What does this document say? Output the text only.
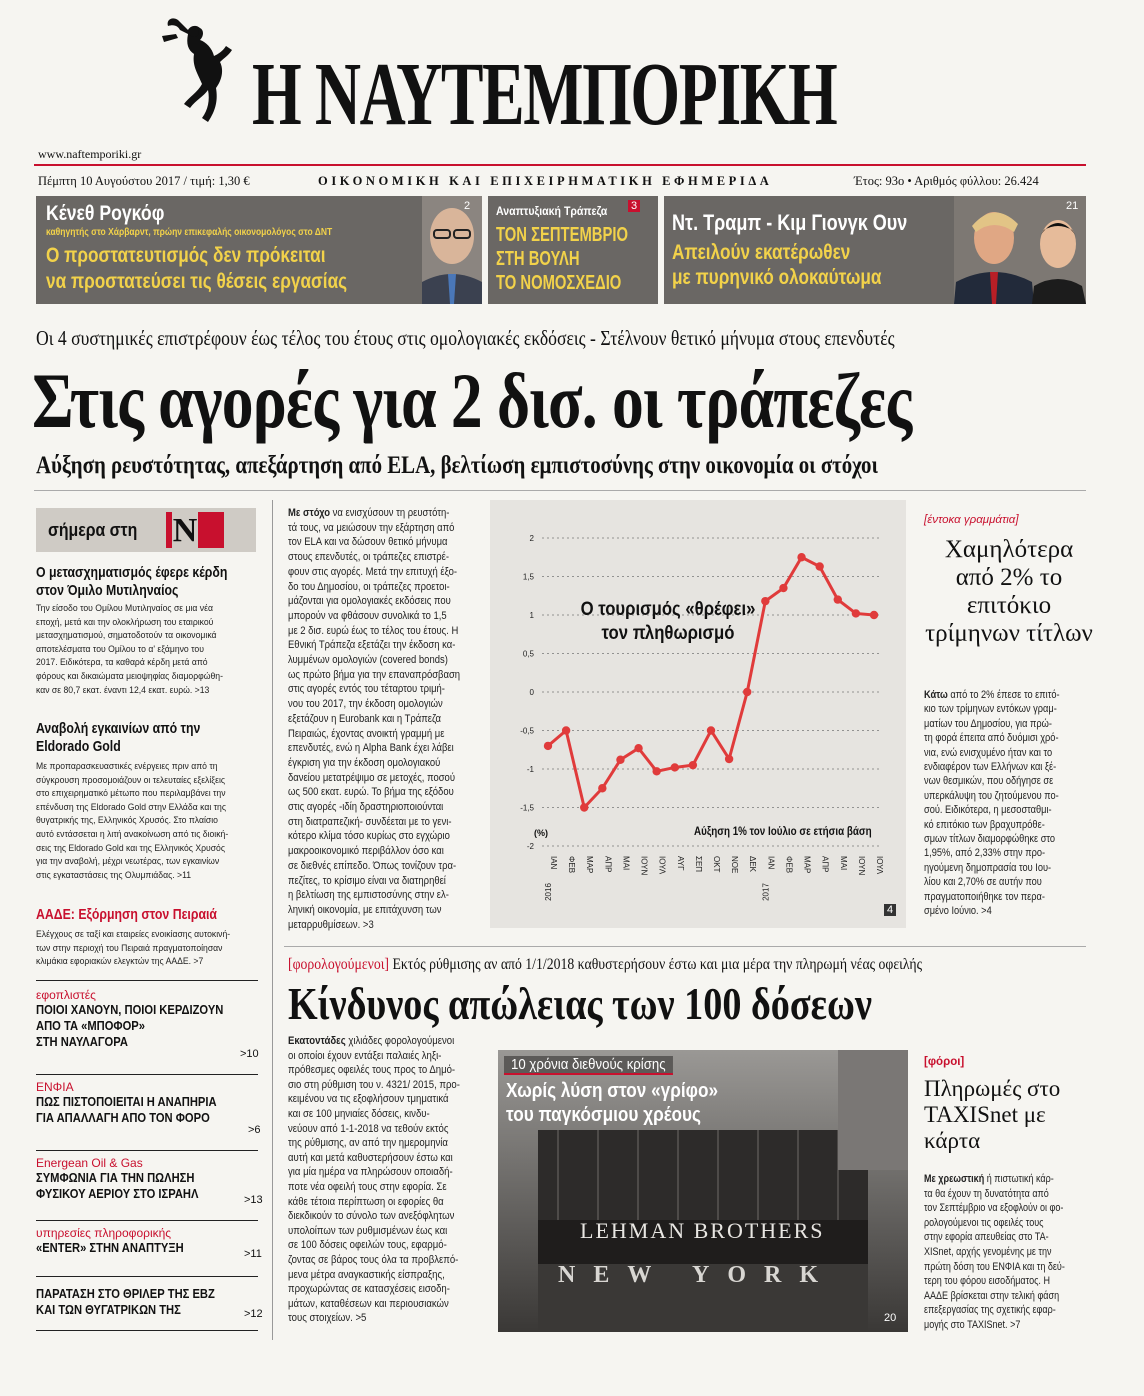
Η ΝΑΥΤΕΜΠΟΡΙΚΗ
www.naftemporiki.gr
Πέμπτη 10 Αυγούστου 2017 / τιμή: 1,30 €	ΟΙΚΟΝΟΜΙΚΗ ΚΑΙ ΕΠΙΧΕΙΡΗΜΑΤΙΚΗ ΕΦΗΜΕΡΙΔΑ	Έτος: 93ο • Αριθμός φύλλου: 26.424
Κένεθ Ρογκόφ
καθηγητής στο Χάρβαρντ, πρώην επικεφαλής οικονομολόγος στο ΔΝΤ
Ο προστατευτισμός δεν πρόκειται
να προστατεύσει τις θέσεις εργασίας
2 Αναπτυξιακή Τράπεζα 3
ΤΟΝ ΣΕΠΤΕΜΒΡΙΟ
ΣΤΗ ΒΟΥΛΗ
ΤΟ ΝΟΜΟΣΧΕΔΙΟ
Ντ. Τραμπ - Κιμ Γιονγκ Ουν
Απειλούν εκατέρωθεν
με πυρηνικό ολοκαύτωμα
21
Οι 4 συστημικές επιστρέφουν έως τέλος του έτους στις ομολογιακές εκδόσεις - Στέλνουν θετικό μήνυμα στους επενδυτές
Στις αγορές για 2 δισ. οι τράπεζες
Αύξηση ρευστότητας, απεξάρτηση από ELA, βελτίωση εμπιστοσύνης στην οικονομία οι στόχοι
σήμερα στη Ν
Ο μετασχηματισμός έφερε κέρδη στον Όμιλο Μυτιληναίος
Την είσοδο του Ομίλου Μυτιληναίος σε μια νέα
εποχή, μετά και την ολοκλήρωση του εταιρικού
μετασχηματισμού, σηματοδοτούν τα οικονομικά
αποτελέσματα του Ομίλου το α' εξάμηνο του
2017. Ειδικότερα, τα καθαρά κέρδη μετά από
φόρους και δικαιώματα μειοψηφίας διαμορφώθη-
καν σε 80,7 εκατ. έναντι 12,4 εκατ. ευρώ. >13
Αναβολή εγκαινίων από την Eldorado Gold
Με προπαρασκευαστικές ενέργειες πριν από τη
σύγκρουση προσομοιάζουν οι τελευταίες εξελίξεις
στο επιχειρηματικό μέτωπο που περιλαμβάνει την
επένδυση της Eldorado Gold στην Ελλάδα και της
θυγατρικής της, Ελληνικός Χρυσός. Στο πλαίσιο
αυτό εντάσσεται η λιτή ανακοίνωση από τις διοική-
σεις της Eldorado Gold και της Ελληνικός Χρυσός
για την αναβολή, μέχρι νεωτέρας, των εγκαινίων
στις εγκαταστάσεις της Ολυμπιάδας. >11
ΑΑΔΕ: Εξόρμηση στον Πειραιά
Ελέγχους σε ταξί και εταιρείες ενοικίασης αυτοκινή-
των στην περιοχή του Πειραιά πραγματοποίησαν
κλιμάκια εφοριακών ελεγκτών της ΑΑΔΕ. >7
εφοπλιστές
ΠΟΙΟΙ ΧΑΝΟΥΝ, ΠΟΙΟΙ ΚΕΡΔΙΖΟΥΝ
ΑΠΟ ΤΑ «ΜΠΟΦΟΡ»
ΣΤΗ ΝΑΥΛΑΓΟΡΑ
>10
ΕΝΦΙΑ
ΠΩΣ ΠΙΣΤΟΠΟΙΕΙΤΑΙ Η ΑΝΑΠΗΡΙΑ
ΓΙΑ ΑΠΑΛΛΑΓΗ ΑΠΟ ΤΟΝ ΦΟΡΟ
>6
Energean Oil & Gas
ΣΥΜΦΩΝΙΑ ΓΙΑ ΤΗΝ ΠΩΛΗΣΗ
ΦΥΣΙΚΟΥ ΑΕΡΙΟΥ ΣΤΟ ΙΣΡΑΗΛ	>13
υπηρεσίες πληροφορικής
«ENTER» ΣΤΗΝ ΑΝΑΠΤΥΞΗ	>11
ΠΑΡΑΤΑΣΗ ΣΤΟ ΘΡΙΛΕΡ ΤΗΣ ΕΒΖ
ΚΑΙ ΤΩΝ ΘΥΓΑΤΡΙΚΩΝ ΤΗΣ	>12
Με στόχο να ενισχύσουν τη ρευστότη-
τά τους, να μειώσουν την εξάρτηση από
τον ELA και να δώσουν θετικό μήνυμα
στους επενδυτές, οι τράπεζες επιστρέ-
φουν στις αγορές. Μετά την επιτυχή έξο-
δο του Δημοσίου, οι τράπεζες προετοι-
μάζονται για ομολογιακές εκδόσεις που
μπορούν να φθάσουν συνολικά το 1,5
με 2 δισ. ευρώ έως το τέλος του έτους. Η
Εθνική Τράπεζα εξετάζει την έκδοση κα-
λυμμένων ομολογιών (covered bonds)
ως πρώτο βήμα για την επαναπρόσβαση
στις αγορές εντός του τέταρτου τριμή-
νου του 2017, την έκδοση ομολογιών
εξετάζουν η Eurobank και η Τράπεζα
Πειραιώς, έχοντας ανοικτή γραμμή με
επενδυτές, ενώ η Alpha Bank έχει λάβει
έγκριση για την έκδοση ομολογιακού
δανείου μετατρέψιμο σε μετοχές, ποσού
ως 500 εκατ. ευρώ. Το βήμα της εξόδου
στις αγορές -ιδίη δραστηριοποιούνται
στη διατραπεζική- συνδέεται με το γενι-
κότερο κλίμα τόσο κυρίως στο εγχώριο
μακροοικονομικό περιβάλλον όσο και
σε διεθνές επίπεδο. Όπως τονίζουν τρα-
πεζίτες, το κρίσιμο είναι να διατηρηθεί
η βελτίωση της εμπιστοσύνης στην ελ-
ληνική οικονομία, με επιτάχυνση των
μεταρρυθμίσεων. >3
2
1,5
1
0,5
0
-0,5
-1
-1,5
-2
ΙΑΝ ΦΕΒ ΜΑΡ ΑΠΡ ΜΑΙ ΙΟΥΝ ΙΟΥΛ ΑΥΓ ΣΕΠ ΟΚΤ ΝΟΕ ΔΕΚ ΙΑΝ ΦΕΒ ΜΑΡ ΑΠΡ ΜΑΙ ΙΟΥΝ ΙΟΥΛ
2016	2017
Ο τουρισμός «θρέφει» τον πληθωρισμό
Αύξηση 1% τον Ιούλιο σε ετήσια βάση
(%)
4
[έντοκα γραμμάτια]
Χαμηλότερα από 2% το επιτόκιο τρίμηνων τίτλων
Κάτω από το 2% έπεσε το επιτό-
κιο των τρίμηνων εντόκων γραμ-
ματίων του Δημοσίου, για πρώ-
τη φορά έπειτα από δυόμισι χρό-
νια, ενώ ενισχυμένο ήταν και το
ενδιαφέρον των Ελλήνων και ξέ-
νων θεσμικών, που οδήγησε σε
υπερκάλυψη του ζητούμενου πο-
σού. Ειδικότερα, η μεσοσταθμι-
κό επιτόκιο των βραχυπρόθε-
σμων τίτλων διαμορφώθηκε στο
1,95%, από 2,33% στην προ-
ηγούμενη δημοπρασία του Ιου-
λίου και 2,70% σε αυτήν που
πραγματοποιήθηκε τον περα-
σμένο Ιούνιο. >4
[φορολογούμενοι] Εκτός ρύθμισης αν από 1/1/2018 καθυστερήσουν έστω και μια μέρα την πληρωμή νέας οφειλής
Κίνδυνος απώλειας των 100 δόσεων
Εκατοντάδες χιλιάδες φορολογούμενοι
οι οποίοι έχουν εντάξει παλαιές ληξι-
πρόθεσμες οφειλές τους προς το Δημό-
σιο στη ρύθμιση του ν. 4321/ 2015, προ-
κειμένου να τις εξοφλήσουν τμηματικά
και σε 100 μηνιαίες δόσεις, κινδυ-
νεύουν από 1-1-2018 να τεθούν εκτός
της ρύθμισης, αν από την ημερομηνία
αυτή και μετά καθυστερήσουν έστω και
για μία ημέρα να πληρώσουν οποιαδή-
ποτε νέα οφειλή τους στην εφορία. Σε
κάθε τέτοια περίπτωση οι εφορίες θα
διεκδικούν το σύνολο των ανεξόφλητων
υπολοίπων των ρυθμισμένων έως και
σε 100 δόσεις οφειλών τους, εφαρμό-
ζοντας σε βάρος τους όλα τα προβλεπό-
μενα μέτρα αναγκαστικής είσπραξης,
προχωρώντας σε κατασχέσεις εισοδη-
μάτων, καταθέσεων και περιουσιακών
τους στοιχείων. >5
LEHMAN BROTHERS
NEW YORK
10 χρόνια διεθνούς κρίσης
Χωρίς λύση στον «γρίφο»
του παγκόσμιου χρέους
20
[φόροι]
Πληρωμές στο TAXISnet με κάρτα
Με χρεωστική ή πιστωτική κάρ-
τα θα έχουν τη δυνατότητα από
τον Σεπτέμβριο να εξοφλούν οι φο-
ρολογούμενοι τις οφειλές τους
στην εφορία απευθείας στο ΤΑ-
XISnet, αρχής γενομένης με την
πρώτη δόση του ΕΝΦΙΑ και τη δεύ-
τερη του φόρου εισοδήματος. Η
ΑΑΔΕ βρίσκεται στην τελική φάση
επεξεργασίας της σχετικής εφαρ-
μογής στο TAXISnet. >7
